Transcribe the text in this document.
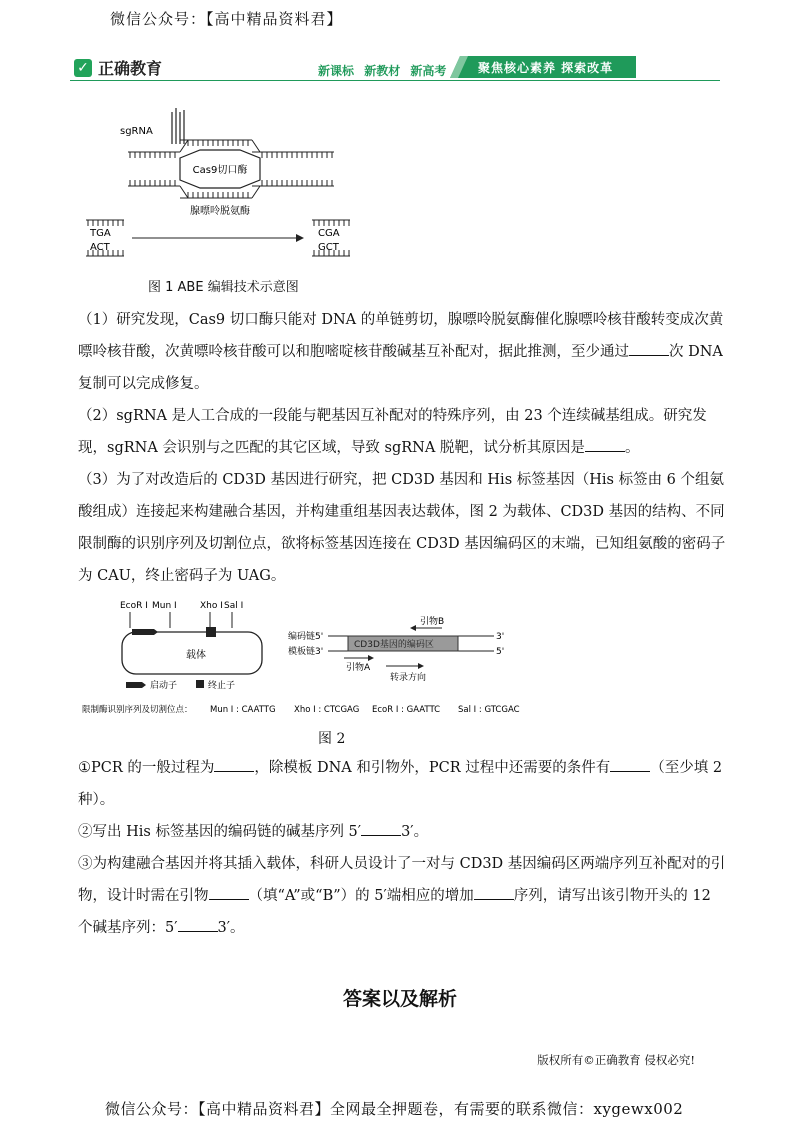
微信公众号：【高中精品资料君】
✓ 正确教育	新课标 新教材 新高考	聚焦核心素养 探索改革
sgRNA
Cas9切口酶
腺嘌呤脱氨酶
TGA
ACT
CGA
GCT
图 1 ABE 编辑技术示意图
（1）研究发现，Cas9 切口酶只能对 DNA 的单链剪切，腺嘌呤脱氨酶催化腺嘌呤核苷酸转变成次黄嘌呤核苷酸，次黄嘌呤核苷酸可以和胞嘧啶核苷酸碱基互补配对，据此推测，至少通过	次 DNA 复制可以完成修复。
（2）sgRNA 是人工合成的一段能与靶基因互补配对的特殊序列，由 23 个连续碱基组成。研究发现，sgRNA 会识别与之匹配的其它区域，导致 sgRNA 脱靶，试分析其原因是	。
（3）为了对改造后的 CD3D 基因进行研究，把 CD3D 基因和 His 标签基因（His 标签由 6 个组氨酸组成）连接起来构建融合基因，并构建重组基因表达载体，图 2 为载体、CD3D 基因的结构、不同限制酶的识别序列及切割位点，欲将标签基因连接在 CD3D 基因编码区的末端，已知组氨酸的密码子为 CAU，终止密码子为 UAG。
EcoR I Mun I	Xho I Sal I
载体
启动子	终止子
引物B
编码链5'
模板链3'
CD3D基因的编码区
3'
5'
引物A
转录方向
限制酶识别序列及切割位点： Mun I : CAATTG Xho I : CTCGAG EcoR I : GAATTC Sal I : GTCGAC
图 2
①PCR 的一般过程为	，除模板 DNA 和引物外，PCR 过程中还需要的条件有	（至少填 2 种）。
②写出 His 标签基因的编码链的碱基序列 5′	3′。
③为构建融合基因并将其插入载体，科研人员设计了一对与 CD3D 基因编码区两端序列互补配对的引物，设计时需在引物	（填“A”或“B”）的 5′端相应的增加	序列，请写出该引物开头的 12 个碱基序列：5′	3′。
答案以及解析
版权所有©正确教育 侵权必究!
微信公众号：【高中精品资料君】全网最全押题卷，有需要的联系微信：xygewx002
